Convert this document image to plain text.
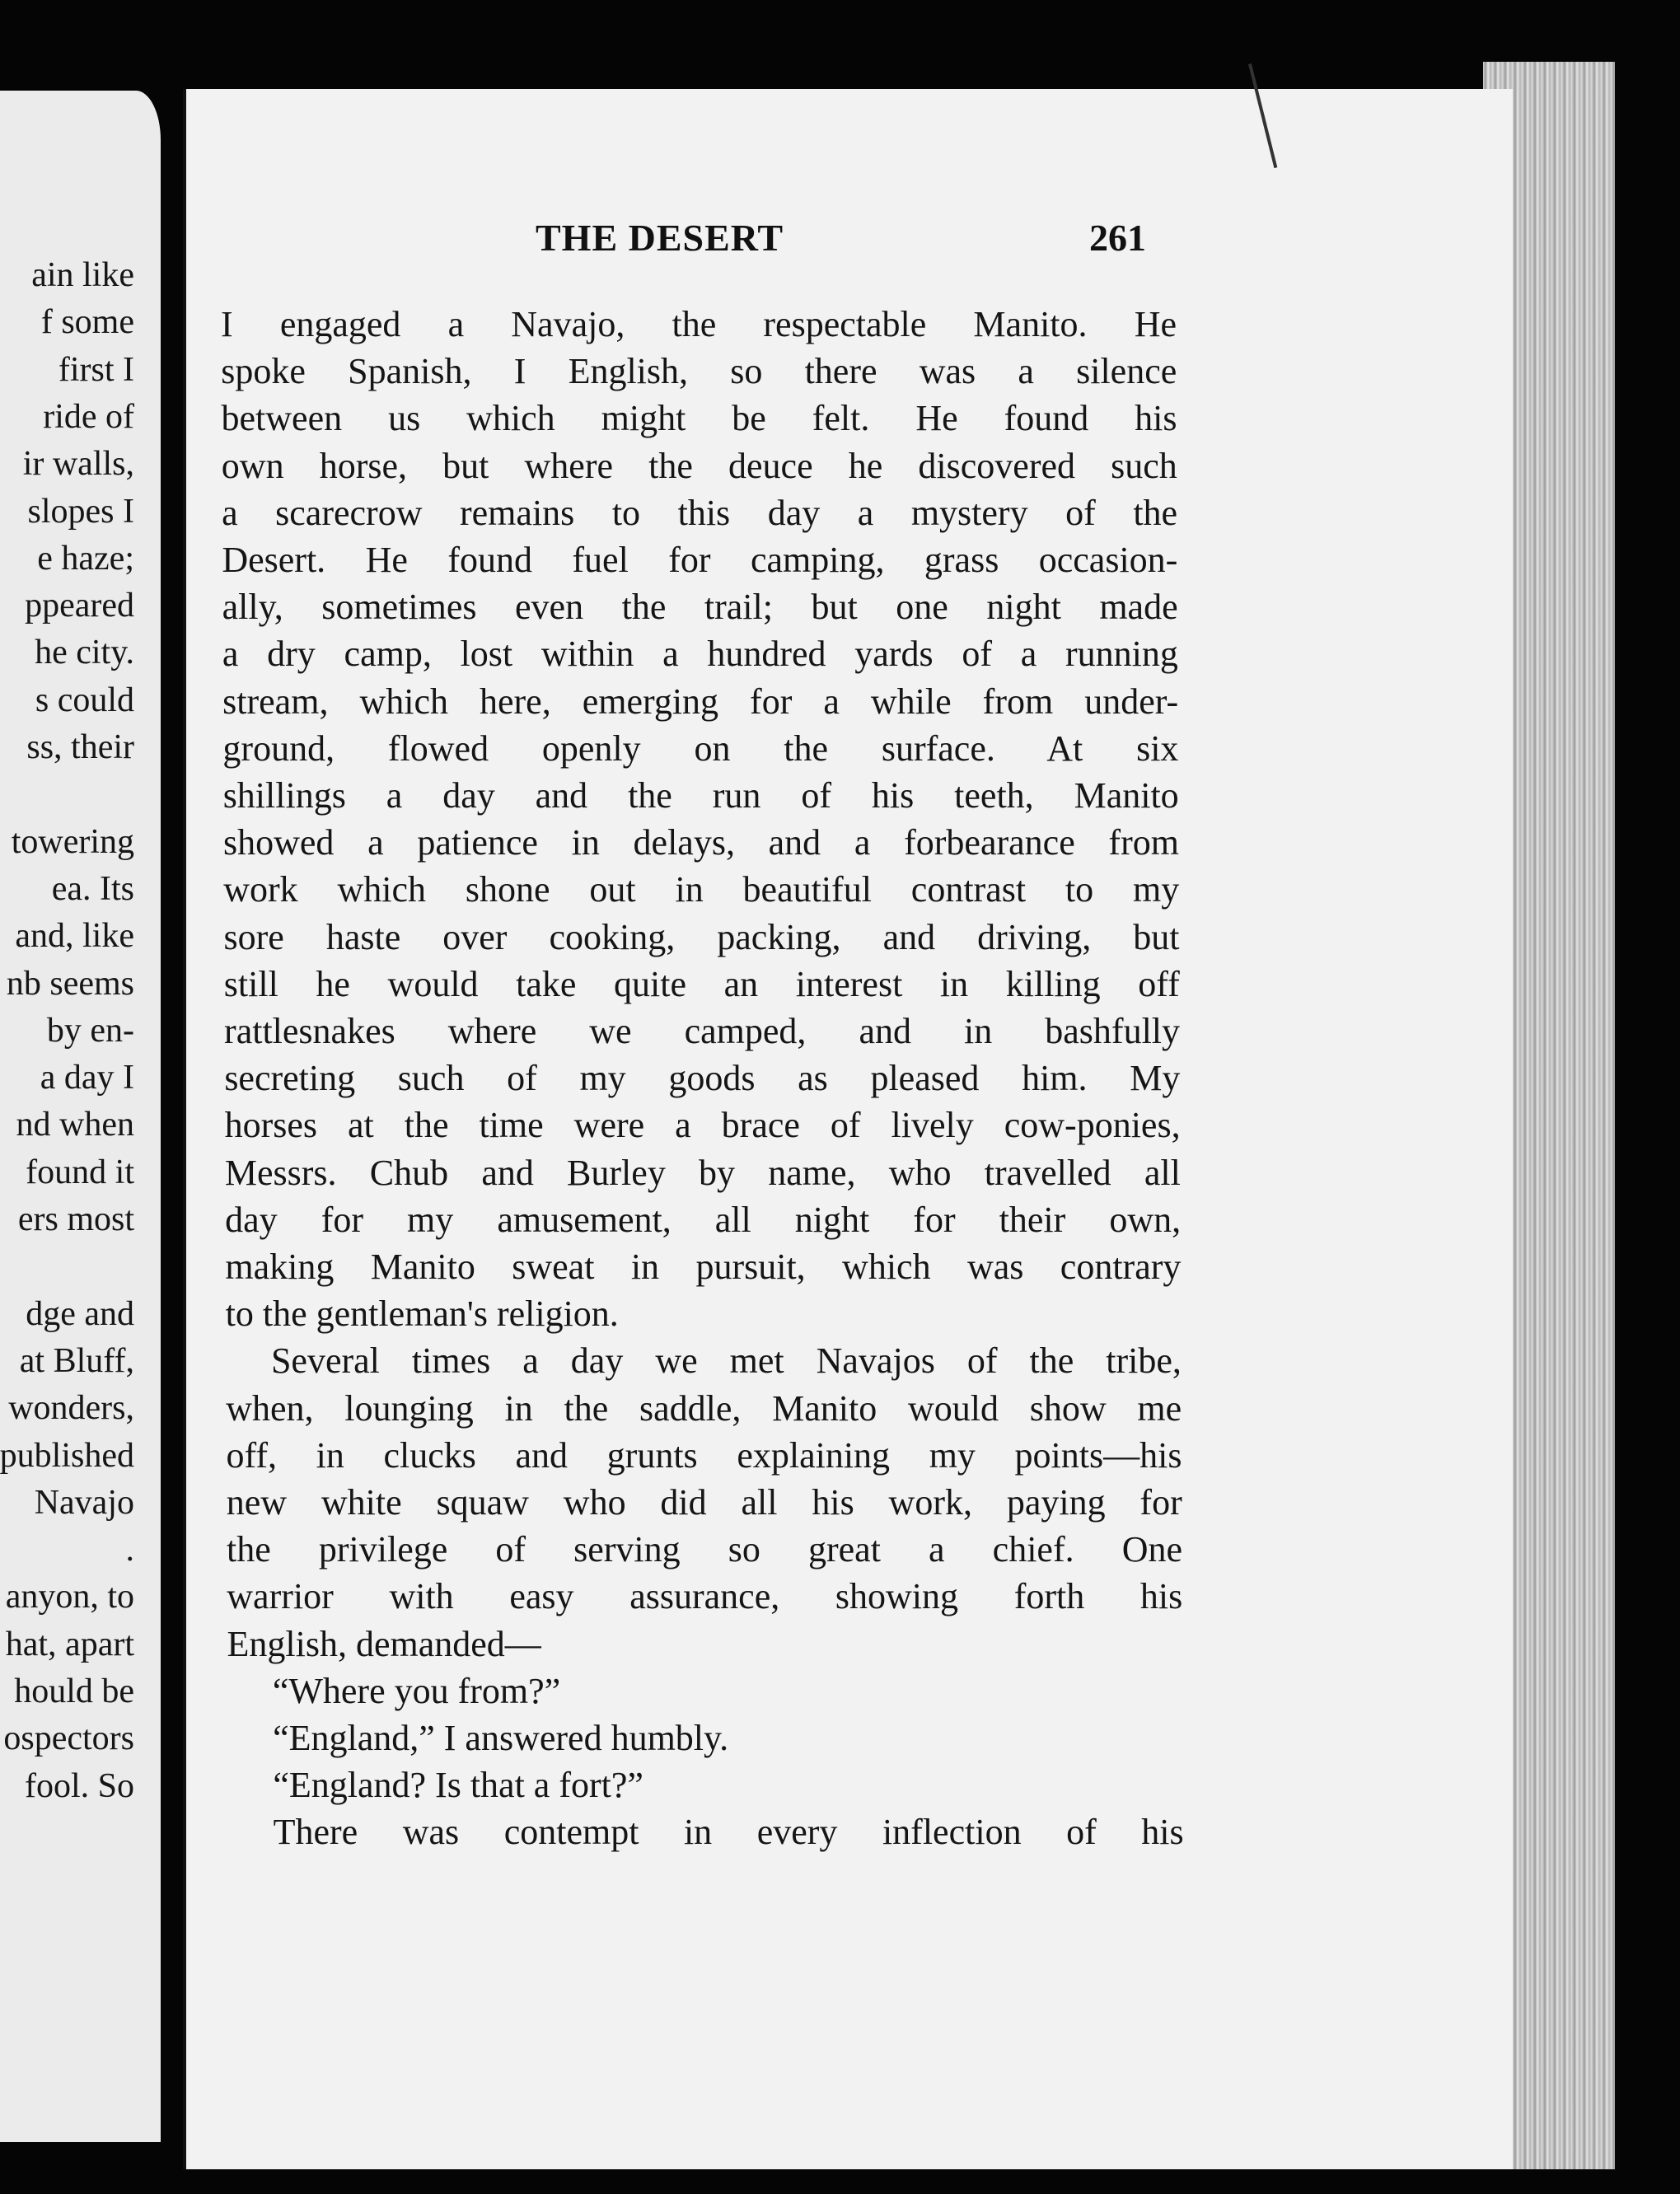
ain like
f some
first I
ride of
ir walls,
slopes I
e haze;
ppeared
he city.
s could
ss, their
towering
ea. Its
and, like
nb seems
by en-
a day I
nd when
found it
ers most
dge and
at Bluff,
wonders,
published
Navajo
.
anyon, to
hat, apart
hould be
ospectors
fool. So
THE DESERT	261
I engaged a Navajo, the respectable Manito. He
spoke Spanish, I English, so there was a silence
between us which might be felt. He found his
own horse, but where the deuce he discovered such
a scarecrow remains to this day a mystery of the
Desert. He found fuel for camping, grass occasion-
ally, sometimes even the trail; but one night made
a dry camp, lost within a hundred yards of a running
stream, which here, emerging for a while from under-
ground, flowed openly on the surface. At six
shillings a day and the run of his teeth, Manito
showed a patience in delays, and a forbearance from
work which shone out in beautiful contrast to my
sore haste over cooking, packing, and driving, but
still he would take quite an interest in killing off
rattlesnakes where we camped, and in bashfully
secreting such of my goods as pleased him. My
horses at the time were a brace of lively cow-ponies,
Messrs. Chub and Burley by name, who travelled all
day for my amusement, all night for their own,
making Manito sweat in pursuit, which was contrary
to the gentleman's religion.
Several times a day we met Navajos of the tribe,
when, lounging in the saddle, Manito would show me
off, in clucks and grunts explaining my points—his
new white squaw who did all his work, paying for
the privilege of serving so great a chief. One
warrior with easy assurance, showing forth his
English, demanded—
“Where you from?”
“England,” I answered humbly.
“England? Is that a fort?”
There was contempt in every inflection of his
